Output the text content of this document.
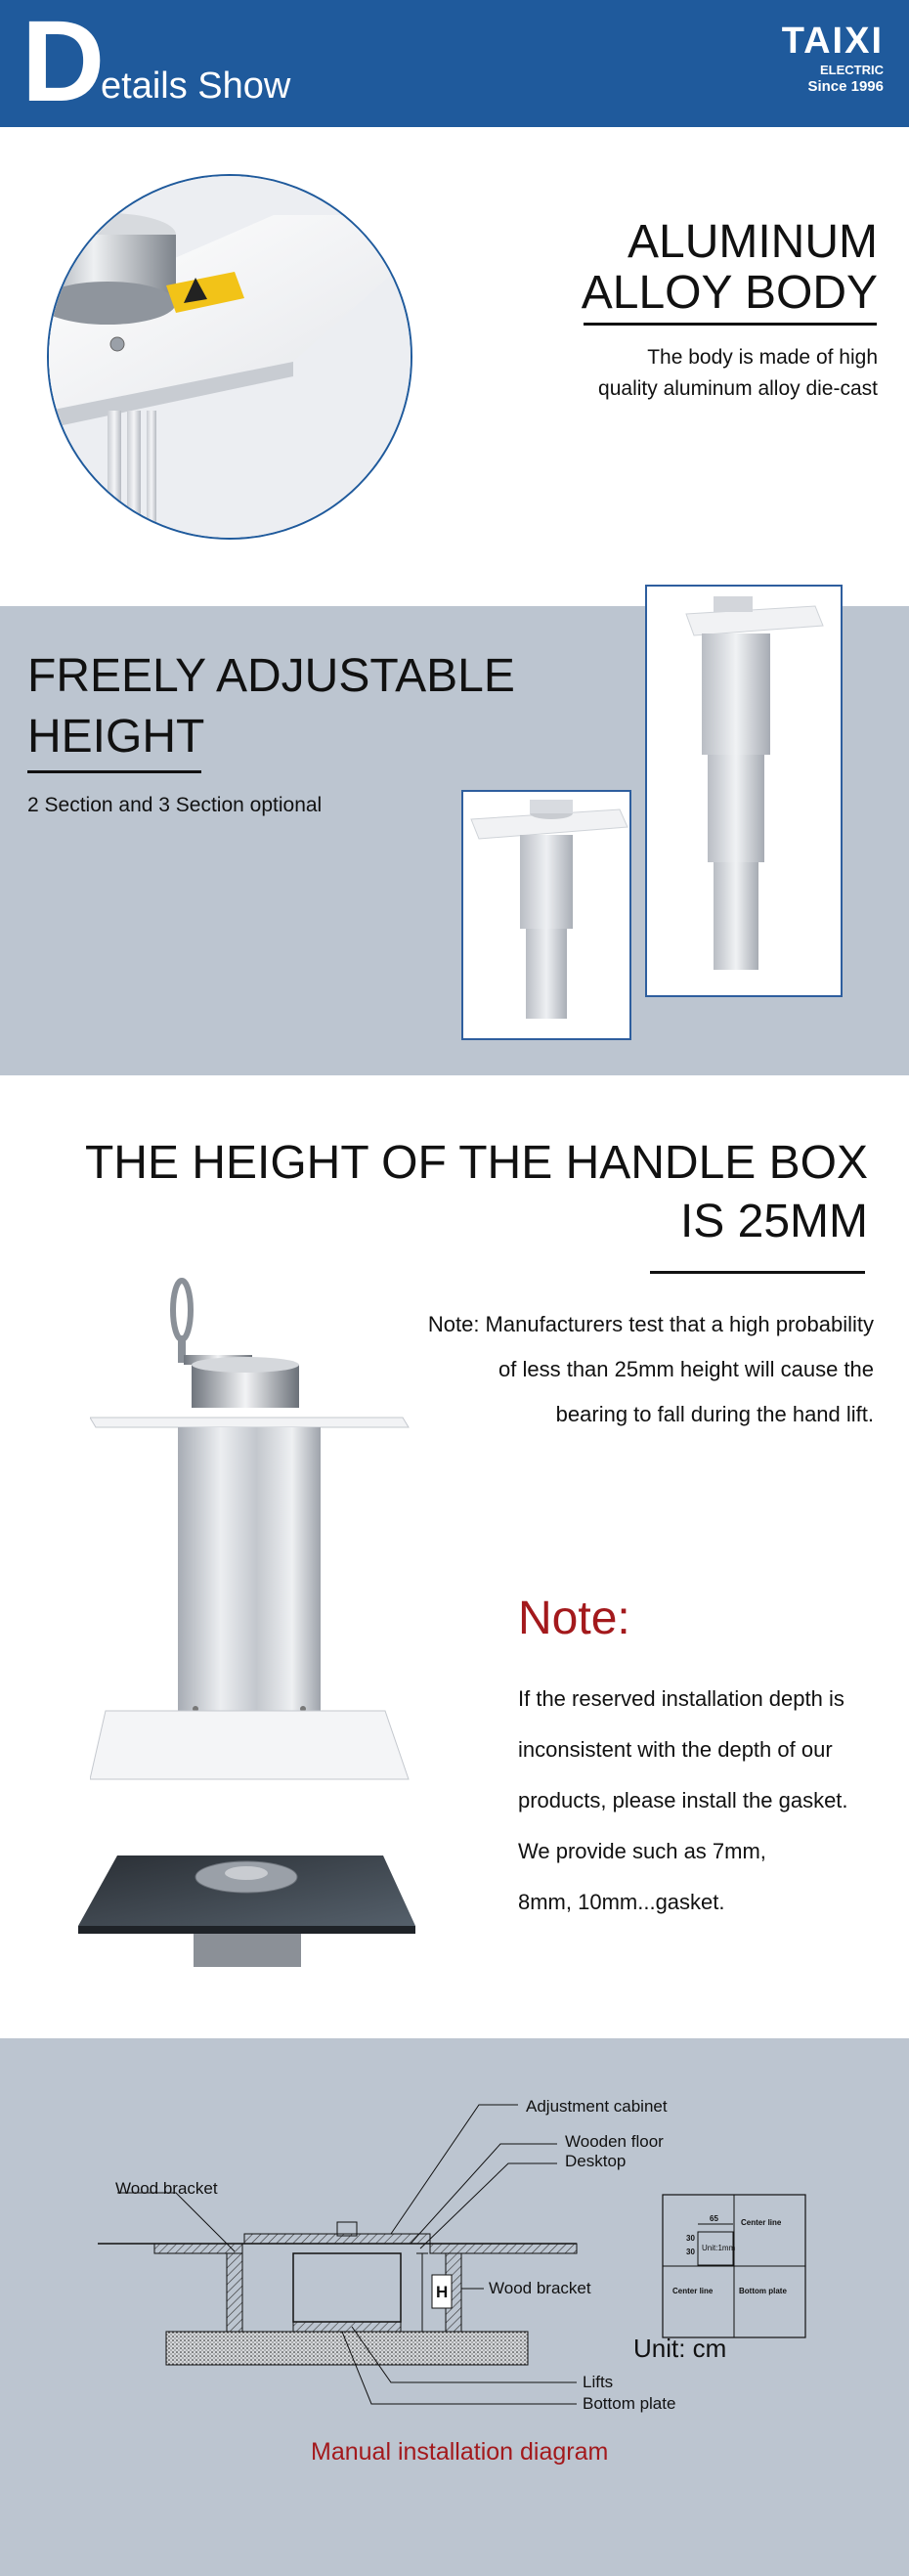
D
etails Show
TAIXI
ELECTRIC
Since 1996
ALUMINUM
ALLOY BODY
The body is made of high
quality aluminum alloy die-cast
FREELY ADJUSTABLE
HEIGHT
2 Section and 3 Section optional
THE HEIGHT OF THE HANDLE BOX
IS 25MM
Note: Manufacturers test that a high probability
of less than 25mm height will cause the
bearing to fall during the hand lift.
Note:
If the reserved installation depth is
inconsistent with the depth of our
products, please install the gasket.
We provide such as 7mm,
8mm, 10mm...gasket.
Adjustment cabinet
Wooden floor
Desktop
Wood bracket
Wood bracket
H
Lifts
Bottom plate
65
30
30 Unit:1mm
Center line
Center line	Bottom plate
Unit: cm
Manual installation diagram
